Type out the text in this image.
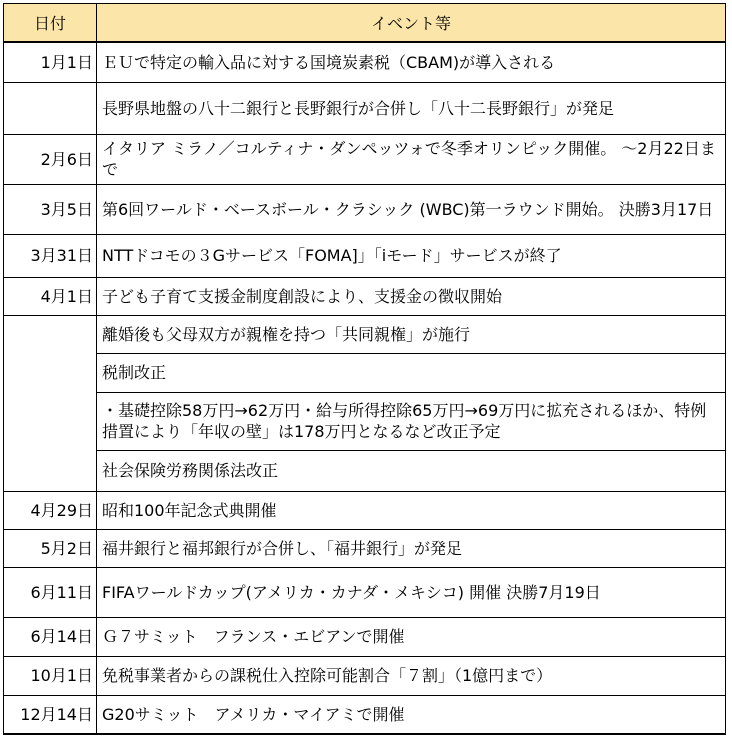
日付	イベント等
1月1日	ＥＵで特定の輸入品に対する国境炭素税（CBAM)が導入される
	長野県地盤の八十二銀行と長野銀行が合併し「八十二長野銀行」が発足
2月6日	イタリア ミラノ／コルティナ・ダンペッツォで冬季オリンピック開催。 ～2月22日まで
3月5日	第6回ワールド・ベースボール・クラシック (WBC)第一ラウンド開始。 決勝3月17日
3月31日	NTTドコモの３Gサービス「FOMA]」「iモード」サービスが終了
4月1日	子ども子育て支援金制度創設により、支援金の徴収開始
	離婚後も父母双方が親権を持つ「共同親権」が施行
	税制改正
	・基礎控除58万円→62万円・給与所得控除65万円→69万円に拡充されるほか、特例措置により「年収の壁」は178万円となるなど改正予定
	社会保険労務関係法改正
4月29日	昭和100年記念式典開催
5月2日	福井銀行と福邦銀行が合併し、「福井銀行」が発足
6月11日	FIFAワールドカップ(アメリカ・カナダ・メキシコ) 開催 決勝7月19日
6月14日	Ｇ７サミット　フランス・エビアンで開催
10月1日	免税事業者からの課税仕入控除可能割合「７割」（1億円まで）
12月14日	G20サミット　アメリカ・マイアミで開催
